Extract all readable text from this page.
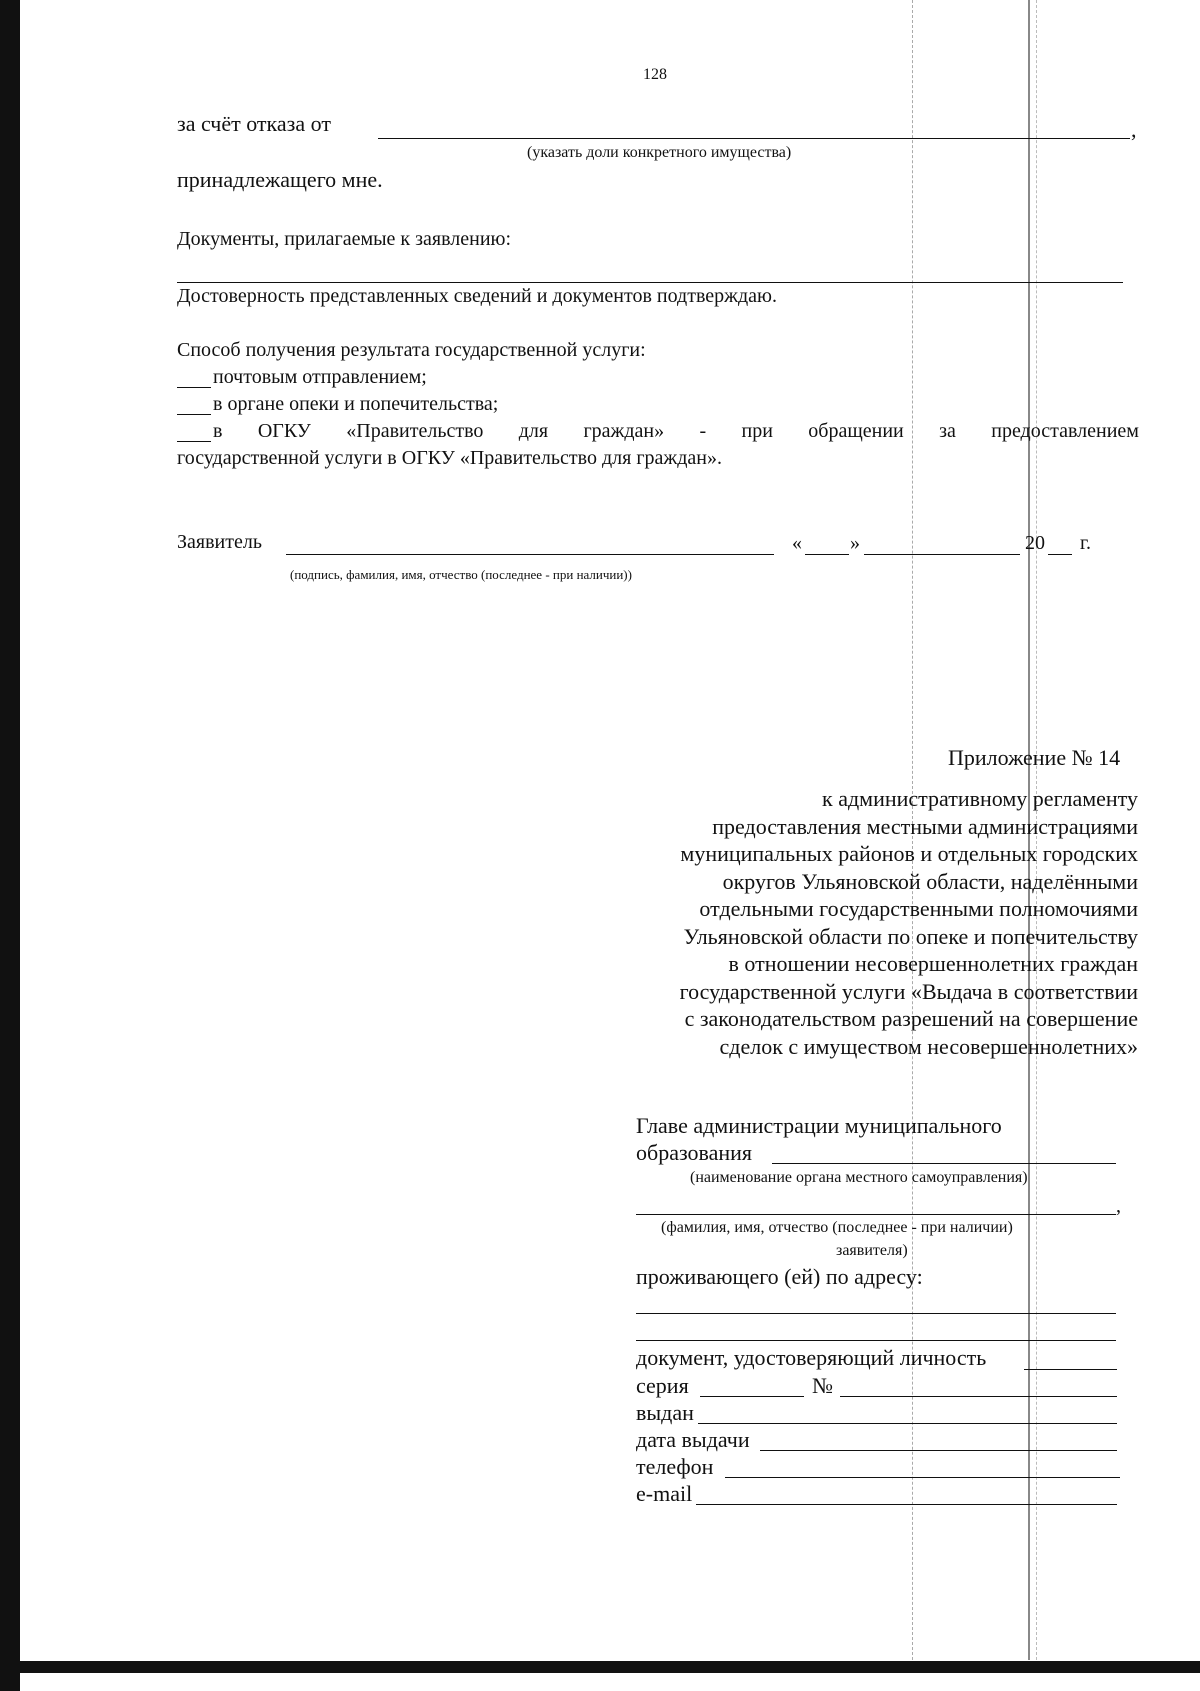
128
за счёт отказа от	,
(указать доли конкретного имущества)
принадлежащего мне.
Документы, прилагаемые к заявлению:
Достоверность представленных сведений и документов подтверждаю.
Способ получения результата государственной услуги:
почтовым отправлением;
в органе опеки и попечительства;
в ОГКУ «Правительство для граждан» - при обращении за предоставлением
государственной услуги в ОГКУ «Правительство для граждан».
Заявитель	« »	20 г.
(подпись, фамилия, имя, отчество (последнее - при наличии))
Приложение № 14
к административному регламенту
предоставления местными администрациями
муниципальных районов и отдельных городских
округов Ульяновской области, наделёнными
отдельными государственными полномочиями
Ульяновской области по опеке и попечительству
в отношении несовершеннолетних граждан
государственной услуги «Выдача в соответствии
с законодательством разрешений на совершение
сделок с имуществом несовершеннолетних»
Главе администрации муниципального
образования
(наименование органа местного самоуправления)
,
(фамилия, имя, отчество (последнее - при наличии)
заявителя)
проживающего (ей) по адресу:
документ, удостоверяющий личность
серия	№
выдан
дата выдачи
телефон
e-mail
